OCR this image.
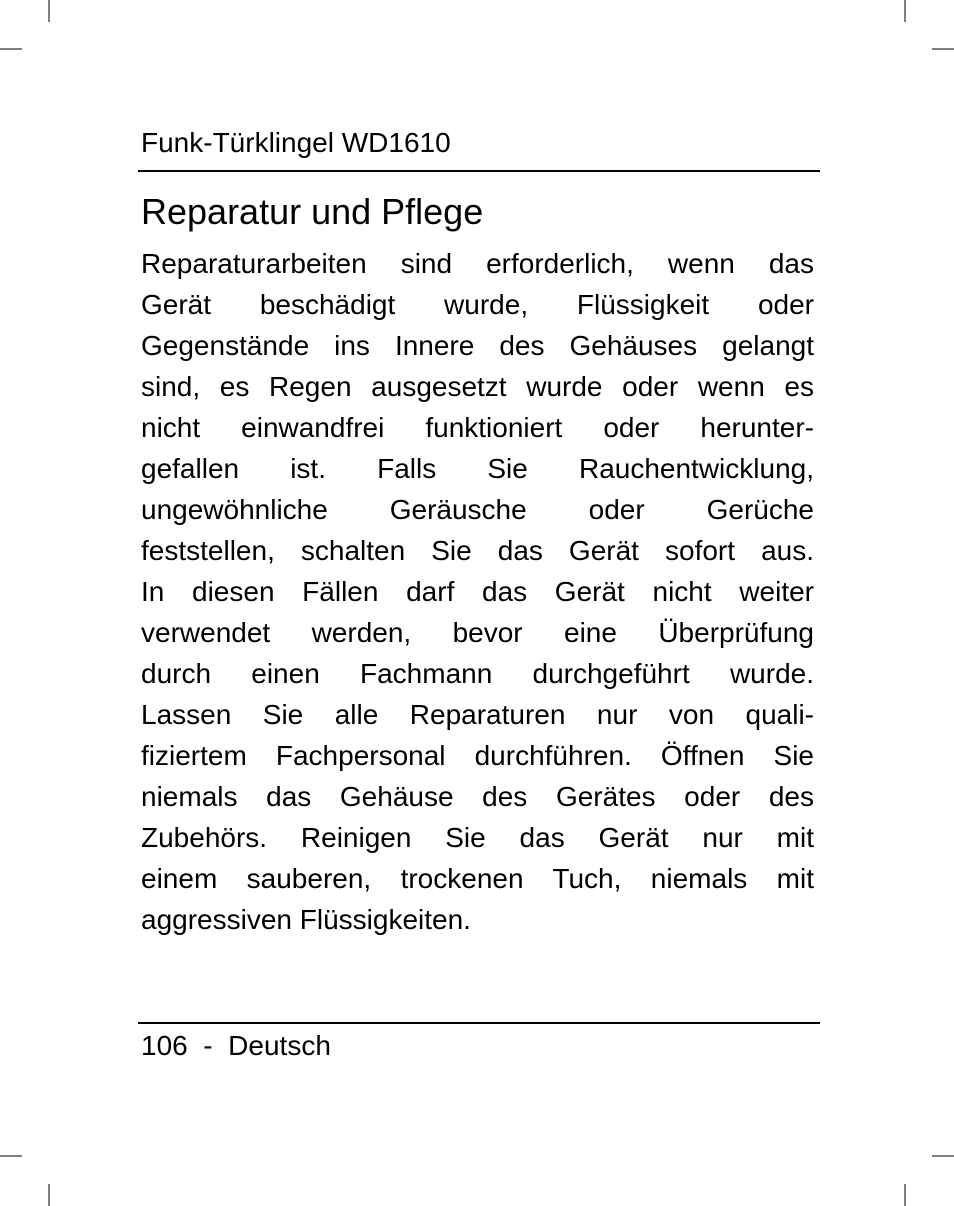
Funk-Türklingel WD1610
Reparatur und Pflege
Reparaturarbeiten sind erforderlich, wenn das
Gerät beschädigt wurde, Flüssigkeit oder
Gegenstände ins Innere des Gehäuses gelangt
sind, es Regen ausgesetzt wurde oder wenn es
nicht einwandfrei funktioniert oder herunter-
gefallen ist. Falls Sie Rauchentwicklung,
ungewöhnliche Geräusche oder Gerüche
feststellen, schalten Sie das Gerät sofort aus.
In diesen Fällen darf das Gerät nicht weiter
verwendet werden, bevor eine Überprüfung
durch einen Fachmann durchgeführt wurde.
Lassen Sie alle Reparaturen nur von quali-
fiziertem Fachpersonal durchführen. Öffnen Sie
niemals das Gehäuse des Gerätes oder des
Zubehörs. Reinigen Sie das Gerät nur mit
einem sauberen, trockenen Tuch, niemals mit
aggressiven Flüssigkeiten.
106 - Deutsch
